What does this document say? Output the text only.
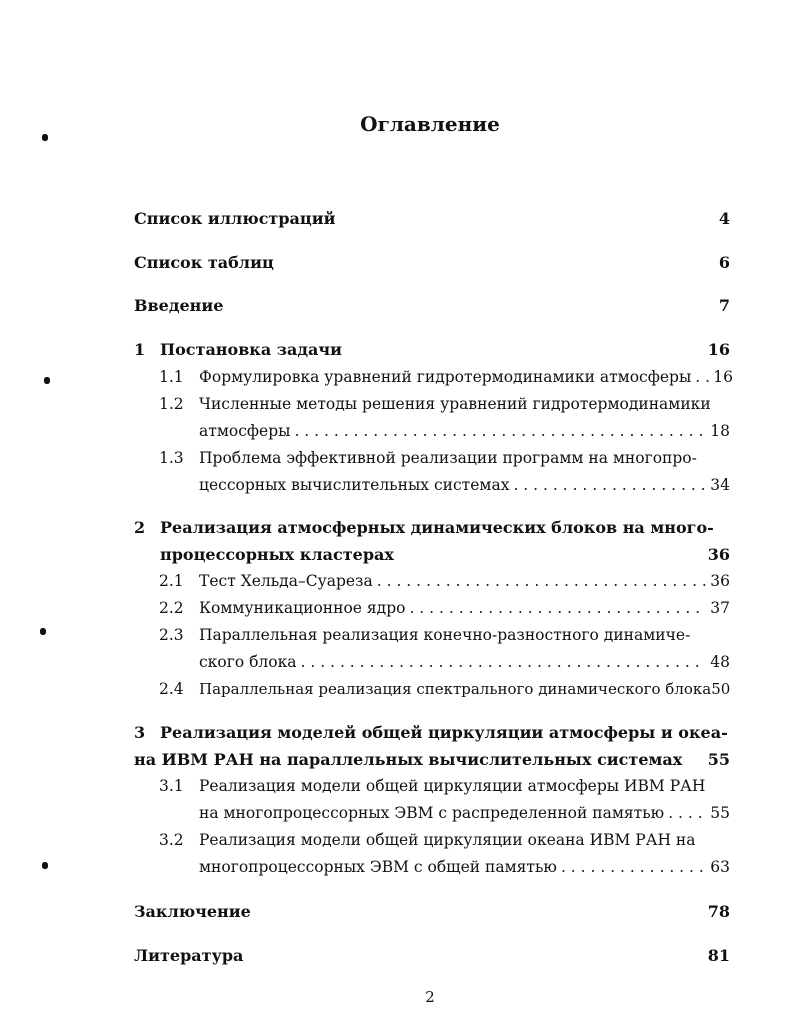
Оглавление
Список иллюстраций	4
Список таблиц	6
Введение	7
1 Постановка задачи	16
1.1 Формулировка уравнений гидротермодинамики атмосферы . . . 16
1.2 Численные методы решения уравнений гидротермодинамики
атмосферы . . .	18
1.3 Проблема эффективной реализации программ на многопро-
цессорных вычислительных системах . . .	34
2 Реализация атмосферных динамических блоков на много-
процессорных кластерах	36
2.1 Тест Хельда–Суареза . . .	36
2.2 Коммуникационное ядро . . .	37
2.3 Параллельная реализация конечно-разностного динамиче-
ского блока . . .	48
2.4 Параллельная реализация спектрального динамического блока 50
3 Реализация моделей общей циркуляции атмосферы и океа-
на ИВМ РАН на параллельных вычислительных системах 55
3.1 Реализация модели общей циркуляции атмосферы ИВМ РАН
на многопроцессорных ЭВМ с распределенной памятью . . .	55
3.2 Реализация модели общей циркуляции океана ИВМ РАН на
многопроцессорных ЭВМ с общей памятью . . .	63
Заключение	78
Литература	81
2
